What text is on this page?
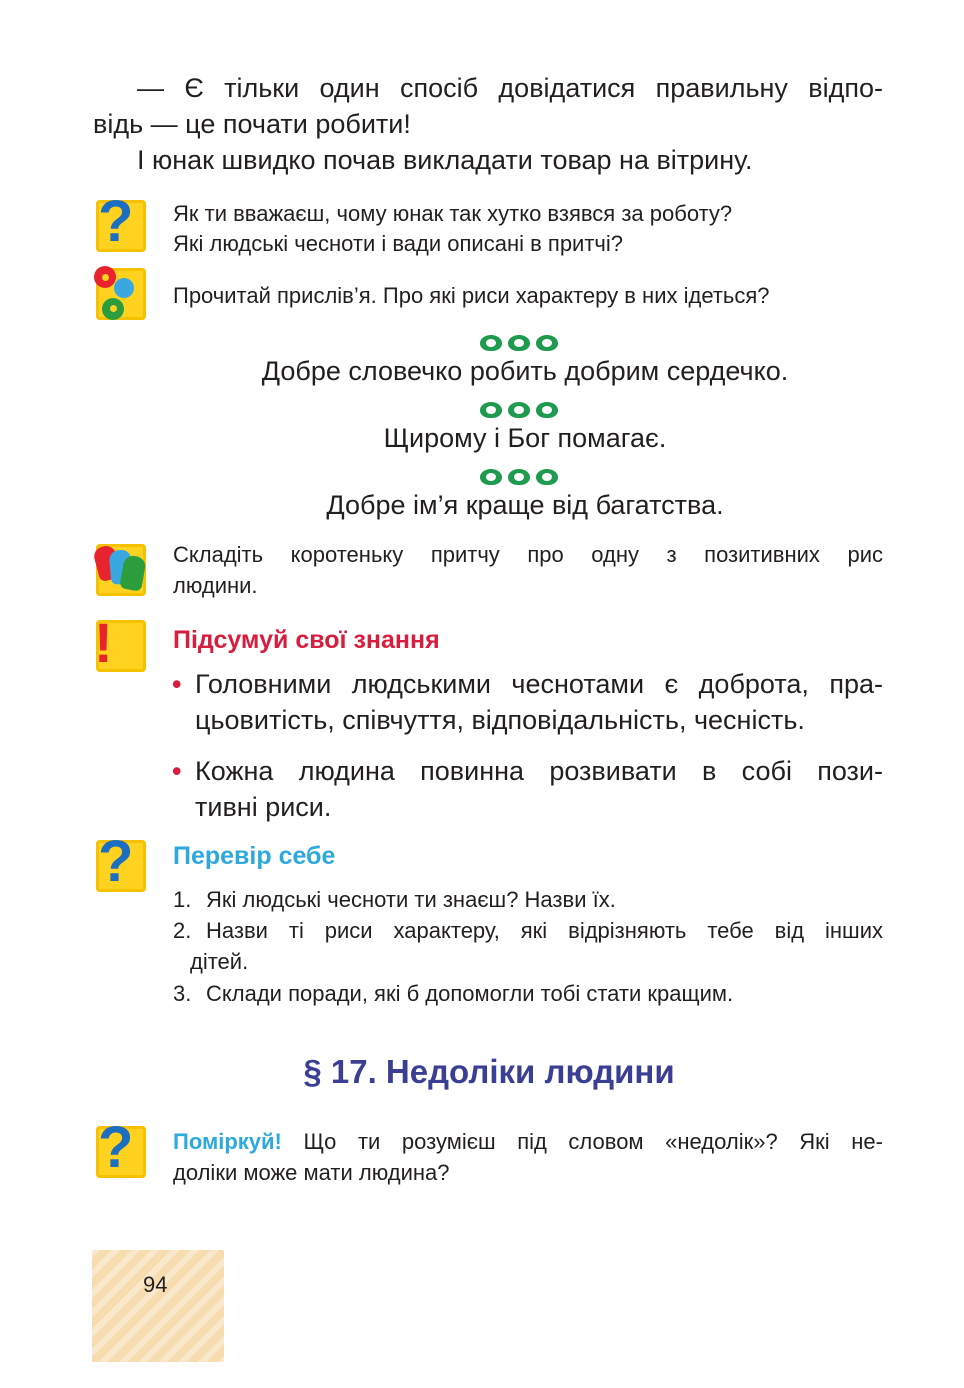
— Є тільки один спосіб довідатися правильну відпо-
відь — це почати робити!
І юнак швидко почав викладати товар на вітрину.
? Як ти вважаєш, чому юнак так хутко взявся за роботу?
Які людські чесноти і вади описані в притчі?
Прочитай прислів’я. Про які риси характеру в них ідеться?
Добре словечко робить добрим сердечко.
Щирому і Бог помагає.
Добре ім’я краще від багатства.
Складіть коротеньку притчу про одну з позитивних рис
людини.
! Підсумуй свої знання
• Головними людськими чеснотами є доброта, пра-
цьовитість, співчуття, відповідальність, чесність.
• Кожна людина повинна розвивати в собі пози-
тивні риси.
? Перевір себе
1. Які людські чесноти ти знаєш? Назви їх.
2. Назви ті риси характеру, які відрізняють тебе від інших
дітей.
3. Склади поради, які б допомогли тобі стати кращим.
§ 17. Недоліки людини
? Поміркуй! Що ти розумієш під словом «недолік»? Які не-
доліки може мати людина?
94
